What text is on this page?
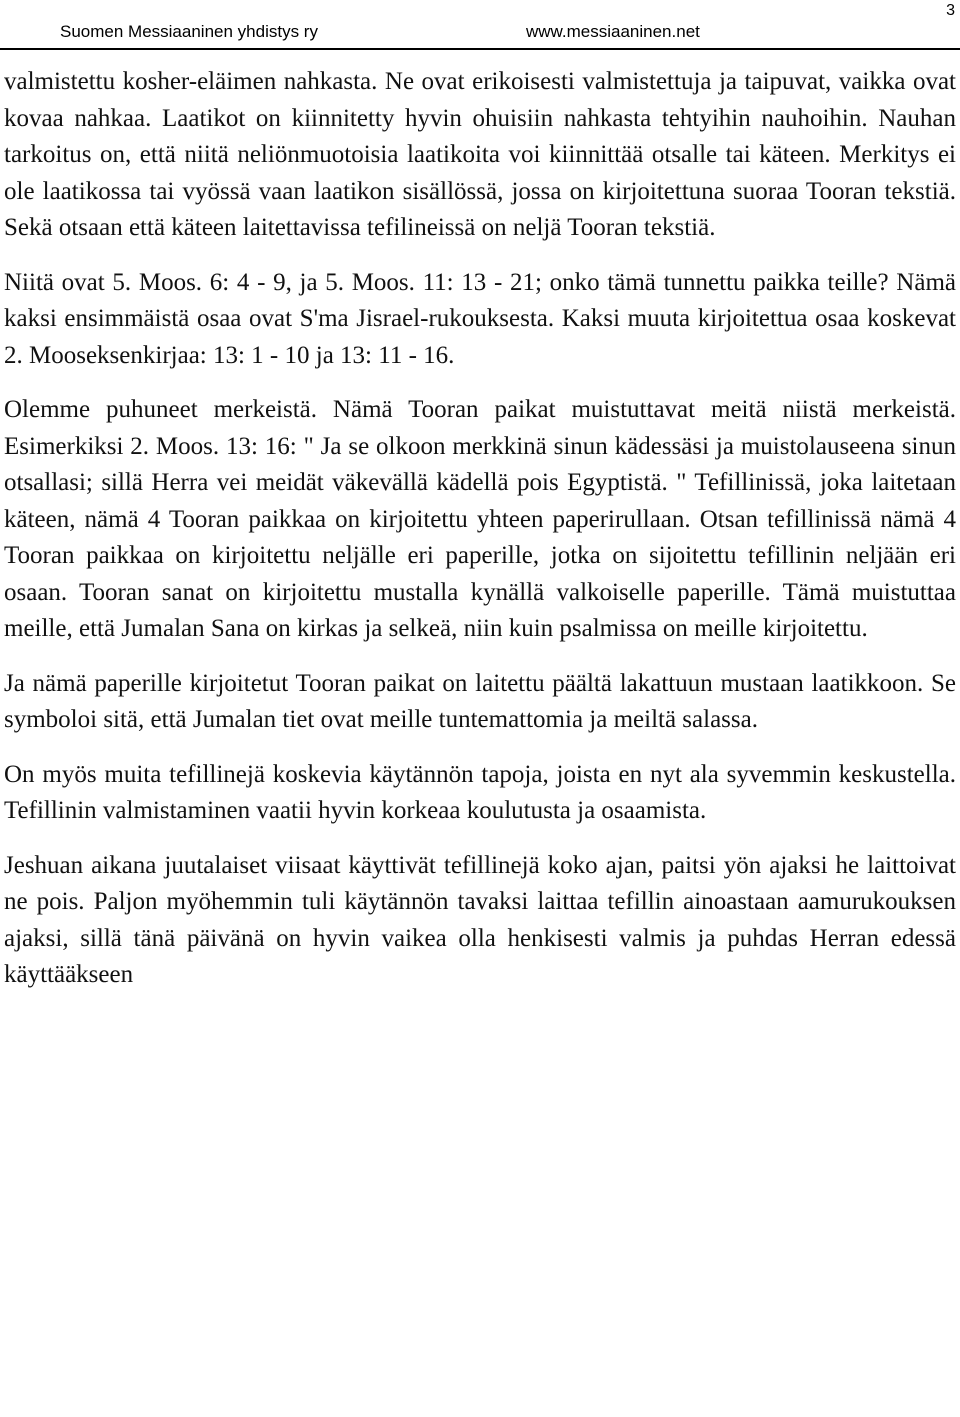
Suomen Messiaaninen yhdistys ry	www.messiaaninen.net
3

valmistettu kosher-eläimen nahkasta. Ne ovat erikoisesti valmistettuja ja taipuvat, vaikka ovat kovaa nahkaa. Laatikot on kiinnitetty hyvin ohuisiin nahkasta tehtyihin nauhoihin. Nauhan tarkoitus on, että niitä neliönmuotoisia laatikoita voi kiinnittää otsalle tai käteen. Merkitys ei ole laatikossa tai vyössä vaan laatikon sisällössä, jossa on kirjoitettuna suoraa Tooran tekstiä. Sekä otsaan että käteen laitettavissa tefilineissä on neljä Tooran tekstiä.

Niitä ovat 5. Moos. 6: 4 - 9, ja 5. Moos. 11: 13 - 21; onko tämä tunnettu paikka teille? Nämä kaksi ensimmäistä osaa ovat S'ma Jisrael-rukouksesta. Kaksi muuta kirjoitettua osaa koskevat 2. Mooseksenkirjaa: 13: 1 - 10 ja 13: 11 - 16.

Olemme puhuneet merkeistä. Nämä Tooran paikat muistuttavat meitä niistä merkeistä. Esimerkiksi 2. Moos. 13: 16: " Ja se olkoon merkkinä sinun kädessäsi ja muistolauseena sinun otsallasi; sillä Herra vei meidät väkevällä kädellä pois Egyptistä. " Tefillinissä, joka laitetaan käteen, nämä 4 Tooran paikkaa on kirjoitettu yhteen paperirullaan. Otsan tefillinissä nämä 4 Tooran paikkaa on kirjoitettu neljälle eri paperille, jotka on sijoitettu tefillinin neljään eri osaan. Tooran sanat on kirjoitettu mustalla kynällä valkoiselle paperille. Tämä muistuttaa meille, että Jumalan Sana on kirkas ja selkeä, niin kuin psalmissa on meille kirjoitettu.

Ja nämä paperille kirjoitetut Tooran paikat on laitettu päältä lakattuun mustaan laatikkoon. Se symboloi sitä, että Jumalan tiet ovat meille tuntemattomia ja meiltä salassa.

On myös muita tefillinejä koskevia käytännön tapoja, joista en nyt ala syvemmin keskustella. Tefillinin valmistaminen vaatii hyvin korkeaa koulutusta ja osaamista.

Jeshuan aikana juutalaiset viisaat käyttivät tefillinejä koko ajan, paitsi yön ajaksi he laittoivat ne pois. Paljon myöhemmin tuli käytännön tavaksi laittaa tefillin ainoastaan aamurukouksen ajaksi, sillä tänä päivänä on hyvin vaikea olla henkisesti valmis ja puhdas Herran edessä käyttääkseen
